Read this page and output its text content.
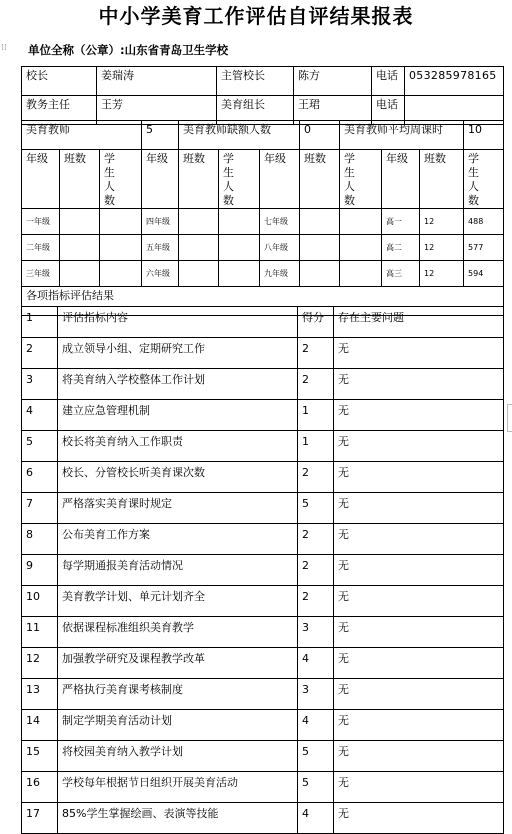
中小学美育工作评估自评结果报表
⁞⁞	单位全称（公章）:山东省青岛卫生学校
校长	姜瑞涛	主管校长	陈方	电话	053285978165
教务主任	王芳	美育组长	王珺	电话	
美育教师			5	美育教师缺额人数			0	美育教师平均周课时			10
年级	班数	学生人数	年级	班数	学生人数	年级	班数	学生人数	年级	班数	学生人数
一年级			四年级			七年级			高一	12	488
二年级			五年级			八年级			高二	12	577
三年级			六年级			九年级			高三	12	594
各项指标评估结果											
1	评估指标内容	得分	存在主要问题
2	成立领导小组、定期研究工作	2	无
3	将美育纳入学校整体工作计划	2	无
4	建立应急管理机制	1	无
5	校长将美育纳入工作职责	1	无
6	校长、分管校长听美育课次数	2	无
7	严格落实美育课时规定	5	无
8	公布美育工作方案	2	无
9	每学期通报美育活动情况	2	无
10	美育教学计划、单元计划齐全	2	无
11	依据课程标准组织美育教学	3	无
12	加强教学研究及课程教学改革	4	无
13	严格执行美育课考核制度	3	无
14	制定学期美育活动计划	4	无
15	将校园美育纳入教学计划	5	无
16	学校每年根据节日组织开展美育活动	5	无
17	85%学生掌握绘画、表演等技能	4	无
